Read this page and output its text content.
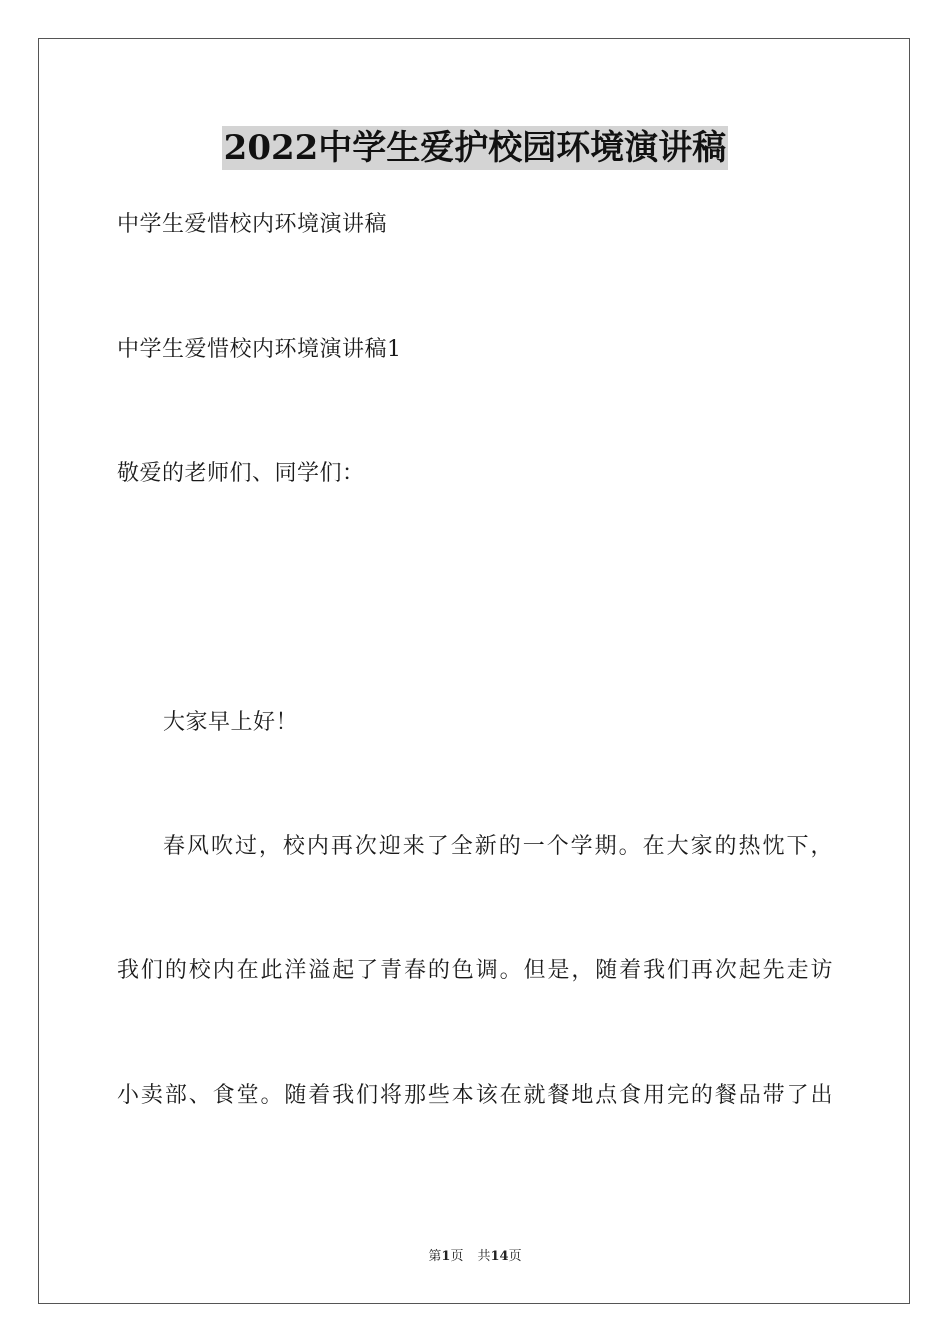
2022中学生爱护校园环境演讲稿
中学生爱惜校内环境演讲稿
中学生爱惜校内环境演讲稿1
敬爱的老师们、同学们：
大家早上好！
春风吹过，校内再次迎来了全新的一个学期。在大家的热忱下，
我们的校内在此洋溢起了青春的色调。但是，随着我们再次起先走访
小卖部、食堂。随着我们将那些本该在就餐地点食用完的餐品带了出
第1页 共14页
